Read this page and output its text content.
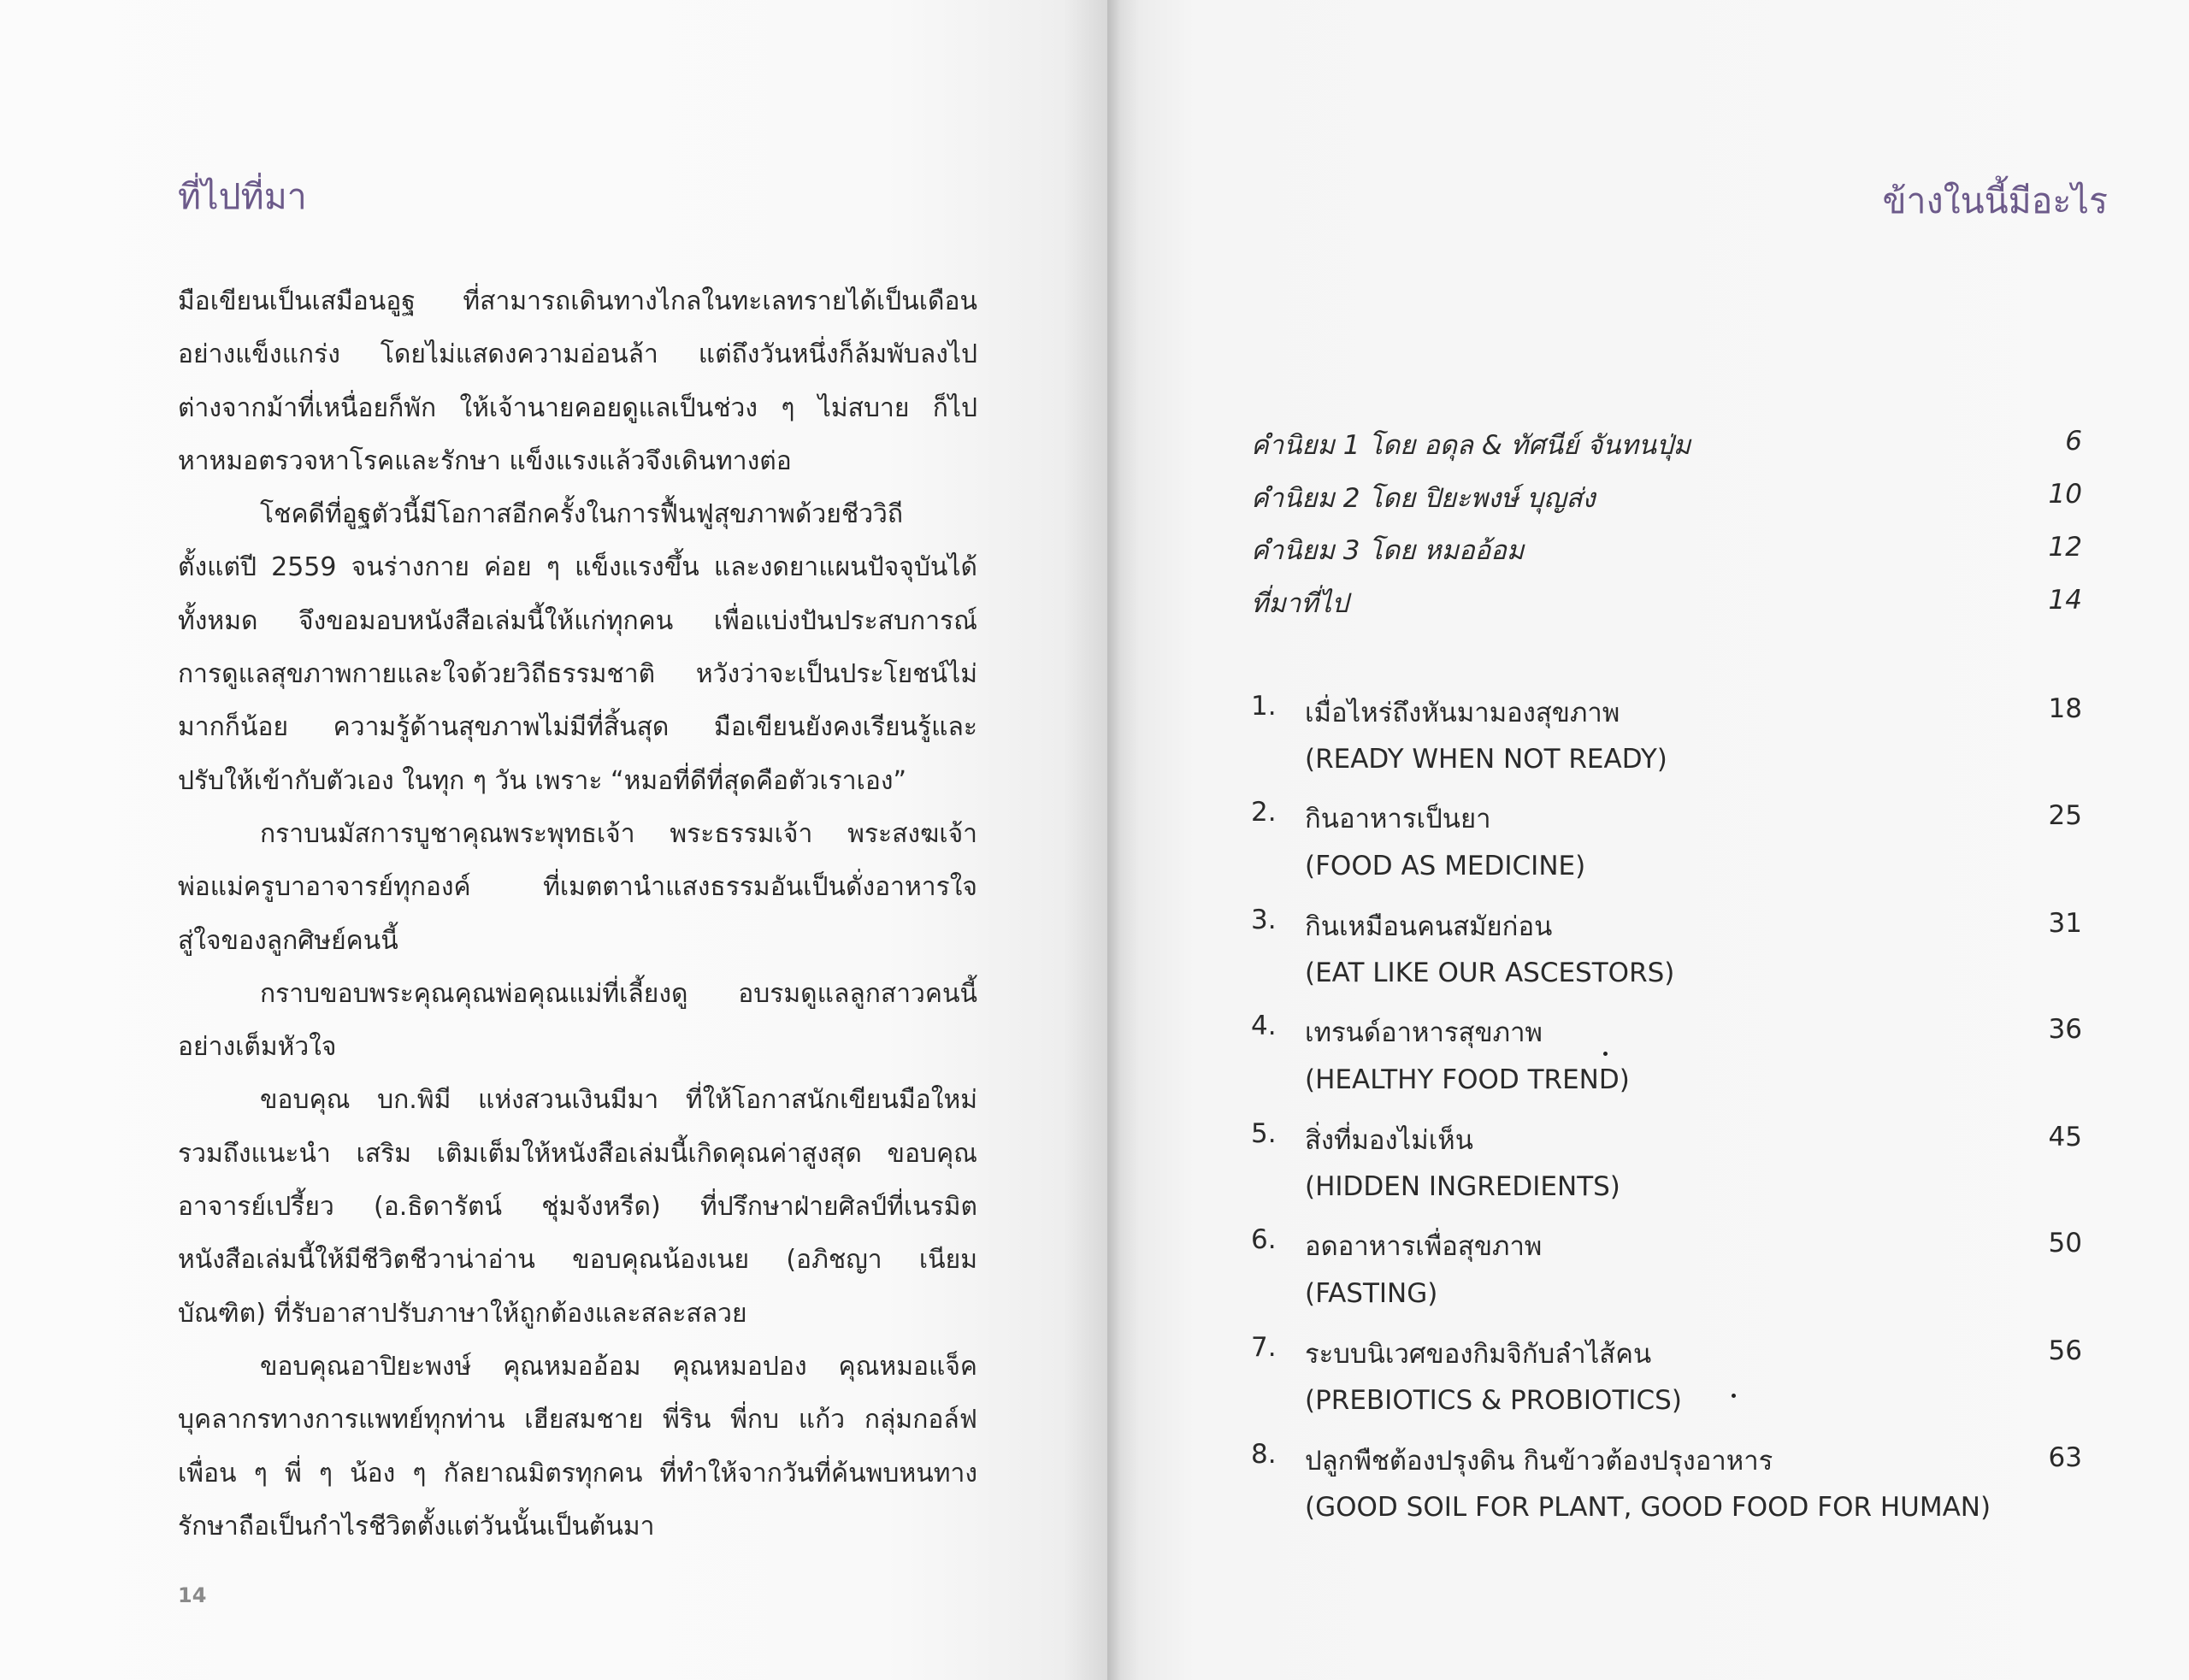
ที่ไปที่มา
มือเขียนเป็นเสมือนอูฐ ที่สามารถเดินทางไกลในทะเลทรายได้เป็นเดือน
อย่างแข็งแกร่ง โดยไม่แสดงความอ่อนล้า แต่ถึงวันหนึ่งก็ล้มพับลงไป
ต่างจากม้าที่เหนื่อยก็พัก ให้เจ้านายคอยดูแลเป็นช่วง ๆ ไม่สบาย ก็ไป
หาหมอตรวจหาโรคและรักษา แข็งแรงแล้วจึงเดินทางต่อ
โชคดีที่อูฐตัวนี้มีโอกาสอีกครั้งในการฟื้นฟูสุขภาพด้วยชีววิถี
ตั้งแต่ปี 2559 จนร่างกาย ค่อย ๆ แข็งแรงขึ้น และงดยาแผนปัจจุบันได้
ทั้งหมด จึงขอมอบหนังสือเล่มนี้ให้แก่ทุกคน เพื่อแบ่งปันประสบการณ์
การดูแลสุขภาพกายและใจด้วยวิถีธรรมชาติ หวังว่าจะเป็นประโยชน์ไม่
มากก็น้อย ความรู้ด้านสุขภาพไม่มีที่สิ้นสุด มือเขียนยังคงเรียนรู้และ
ปรับให้เข้ากับตัวเอง ในทุก ๆ วัน เพราะ “หมอที่ดีที่สุดคือตัวเราเอง”
กราบนมัสการบูชาคุณพระพุทธเจ้า พระธรรมเจ้า พระสงฆเจ้า
พ่อแม่ครูบาอาจารย์ทุกองค์ ที่เมตตานำแสงธรรมอันเป็นดั่งอาหารใจ
สู่ใจของลูกศิษย์คนนี้
กราบขอบพระคุณคุณพ่อคุณแม่ที่เลี้ยงดู อบรมดูแลลูกสาวคนนี้
อย่างเต็มหัวใจ
ขอบคุณ บก.พิมี แห่งสวนเงินมีมา ที่ให้โอกาสนักเขียนมือใหม่
รวมถึงแนะนำ เสริม เติมเต็มให้หนังสือเล่มนี้เกิดคุณค่าสูงสุด ขอบคุณ
อาจารย์เปรี้ยว (อ.ธิดารัตน์ ชุ่มจังหรีด) ที่ปรึกษาฝ่ายศิลป์ที่เนรมิต
หนังสือเล่มนี้ให้มีชีวิตชีวาน่าอ่าน ขอบคุณน้องเนย (อภิชญา เนียม
บัณฑิต) ที่รับอาสาปรับภาษาให้ถูกต้องและสละสลวย
ขอบคุณอาปิยะพงษ์ คุณหมออ้อม คุณหมอปอง คุณหมอแจ็ค
บุคลากรทางการแพทย์ทุกท่าน เฮียสมชาย พี่ริน พี่กบ แก้ว กลุ่มกอล์ฟ
เพื่อน ๆ พี่ ๆ น้อง ๆ กัลยาณมิตรทุกคน ที่ทำให้จากวันที่ค้นพบหนทาง
รักษาถือเป็นกำไรชีวิตตั้งแต่วันนั้นเป็นต้นมา
14
ข้างในนี้มีอะไร
คำนิยม 1 โดย อดุล & ทัศนีย์ จันทนปุ่ม	6
คำนิยม 2 โดย ปิยะพงษ์ บุญส่ง	10
คำนิยม 3 โดย หมออ้อม	12
ที่มาที่ไป	14
1. เมื่อไหร่ถึงหันมามองสุขภาพ	18
(READY WHEN NOT READY)
2. กินอาหารเป็นยา	25
(FOOD AS MEDICINE)
3. กินเหมือนคนสมัยก่อน	31
(EAT LIKE OUR ASCESTORS)
4. เทรนด์อาหารสุขภาพ	36
(HEALTHY FOOD TREND)
5. สิ่งที่มองไม่เห็น	45
(HIDDEN INGREDIENTS)
6. อดอาหารเพื่อสุขภาพ	50
(FASTING)
7. ระบบนิเวศของกิมจิกับลำไส้คน	56
(PREBIOTICS & PROBIOTICS)
8. ปลูกพืชต้องปรุงดิน กินข้าวต้องปรุงอาหาร	63
(GOOD SOIL FOR PLANT, GOOD FOOD FOR HUMAN)
